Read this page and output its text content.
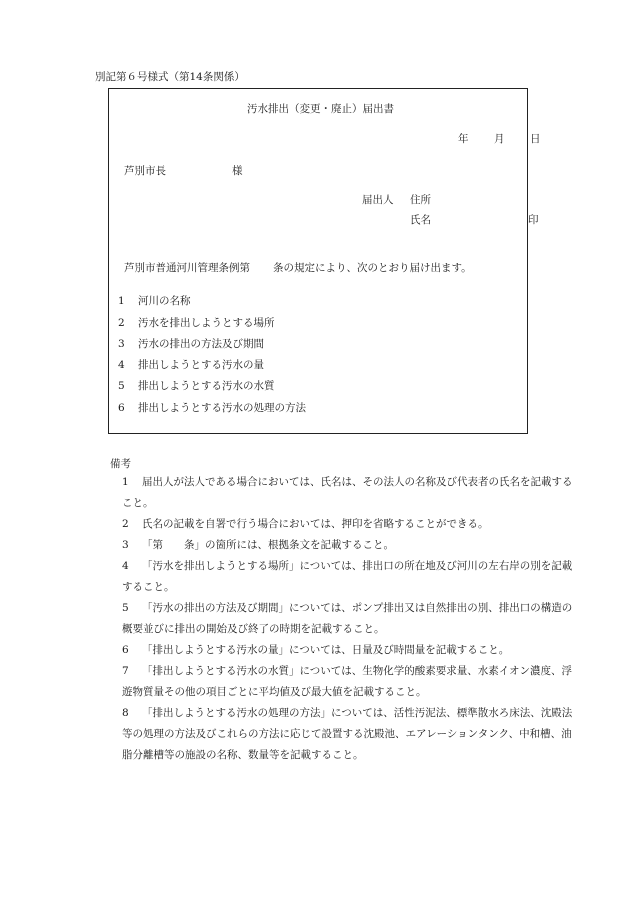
別記第６号様式（第14条関係）
汚水排出（変更・廃止）届出書
年 月 日
芦別市長	様
届出人 住所
氏名	印
芦別市普通河川管理条例第 条の規定により、次のとおり届け出ます。
1 河川の名称
2 汚水を排出しようとする場所
3 汚水の排出の方法及び期間
4 排出しようとする汚水の量
5 排出しようとする汚水の水質
6 排出しようとする汚水の処理の方法
備考
1	届出人が法人である場合においては、氏名は、その法人の名称及び代表者の氏名を記載すること。
2	氏名の記載を自署で行う場合においては、押印を省略することができる。
3	「第　　条」の箇所には、根拠条文を記載すること。
4	「汚水を排出しようとする場所」については、排出口の所在地及び河川の左右岸の別を記載すること。
5	「汚水の排出の方法及び期間」については、ポンプ排出又は自然排出の別、排出口の構造の概要並びに排出の開始及び終了の時期を記載すること。
6	「排出しようとする汚水の量」については、日量及び時間量を記載すること。
7	「排出しようとする汚水の水質」については、生物化学的酸素要求量、水素イオン濃度、浮遊物質量その他の項目ごとに平均値及び最大値を記載すること。
8	「排出しようとする汚水の処理の方法」については、活性汚泥法、標準散水ろ床法、沈殿法等の処理の方法及びこれらの方法に応じて設置する沈殿池、エアレーションタンク、中和槽、油脂分離槽等の施設の名称、数量等を記載すること。
